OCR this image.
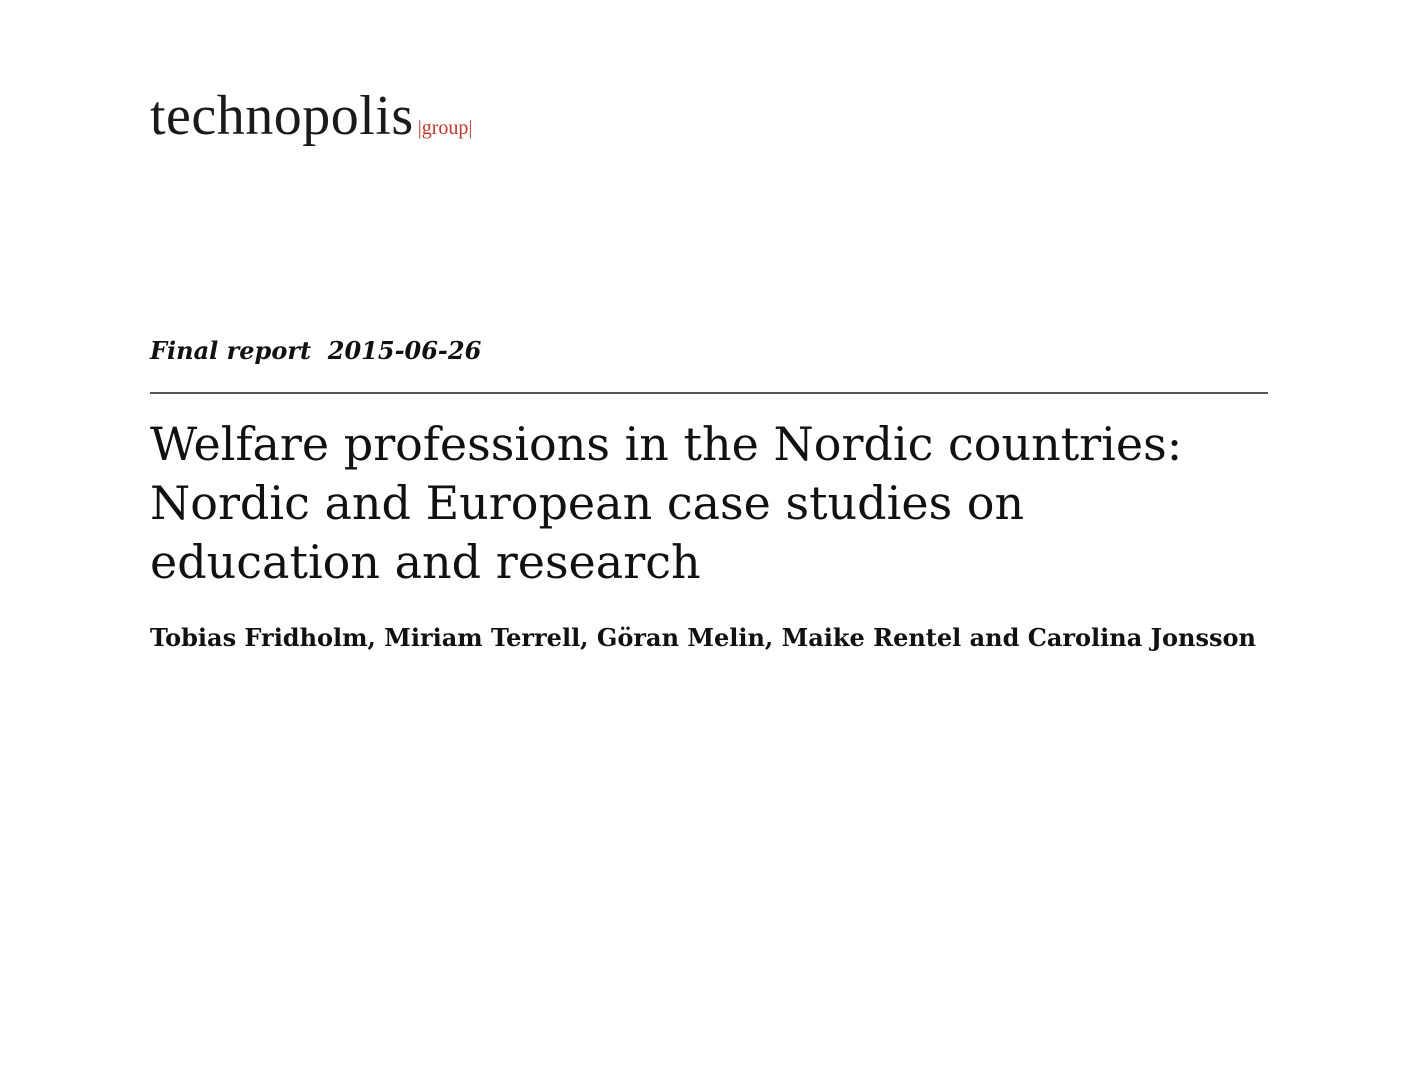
technopolis |group|
Final report  2015-06-26
Welfare professions in the Nordic countries: Nordic and European case studies on education and research

Tobias Fridholm, Miriam Terrell, Göran Melin, Maike Rentel and Carolina Jonsson
